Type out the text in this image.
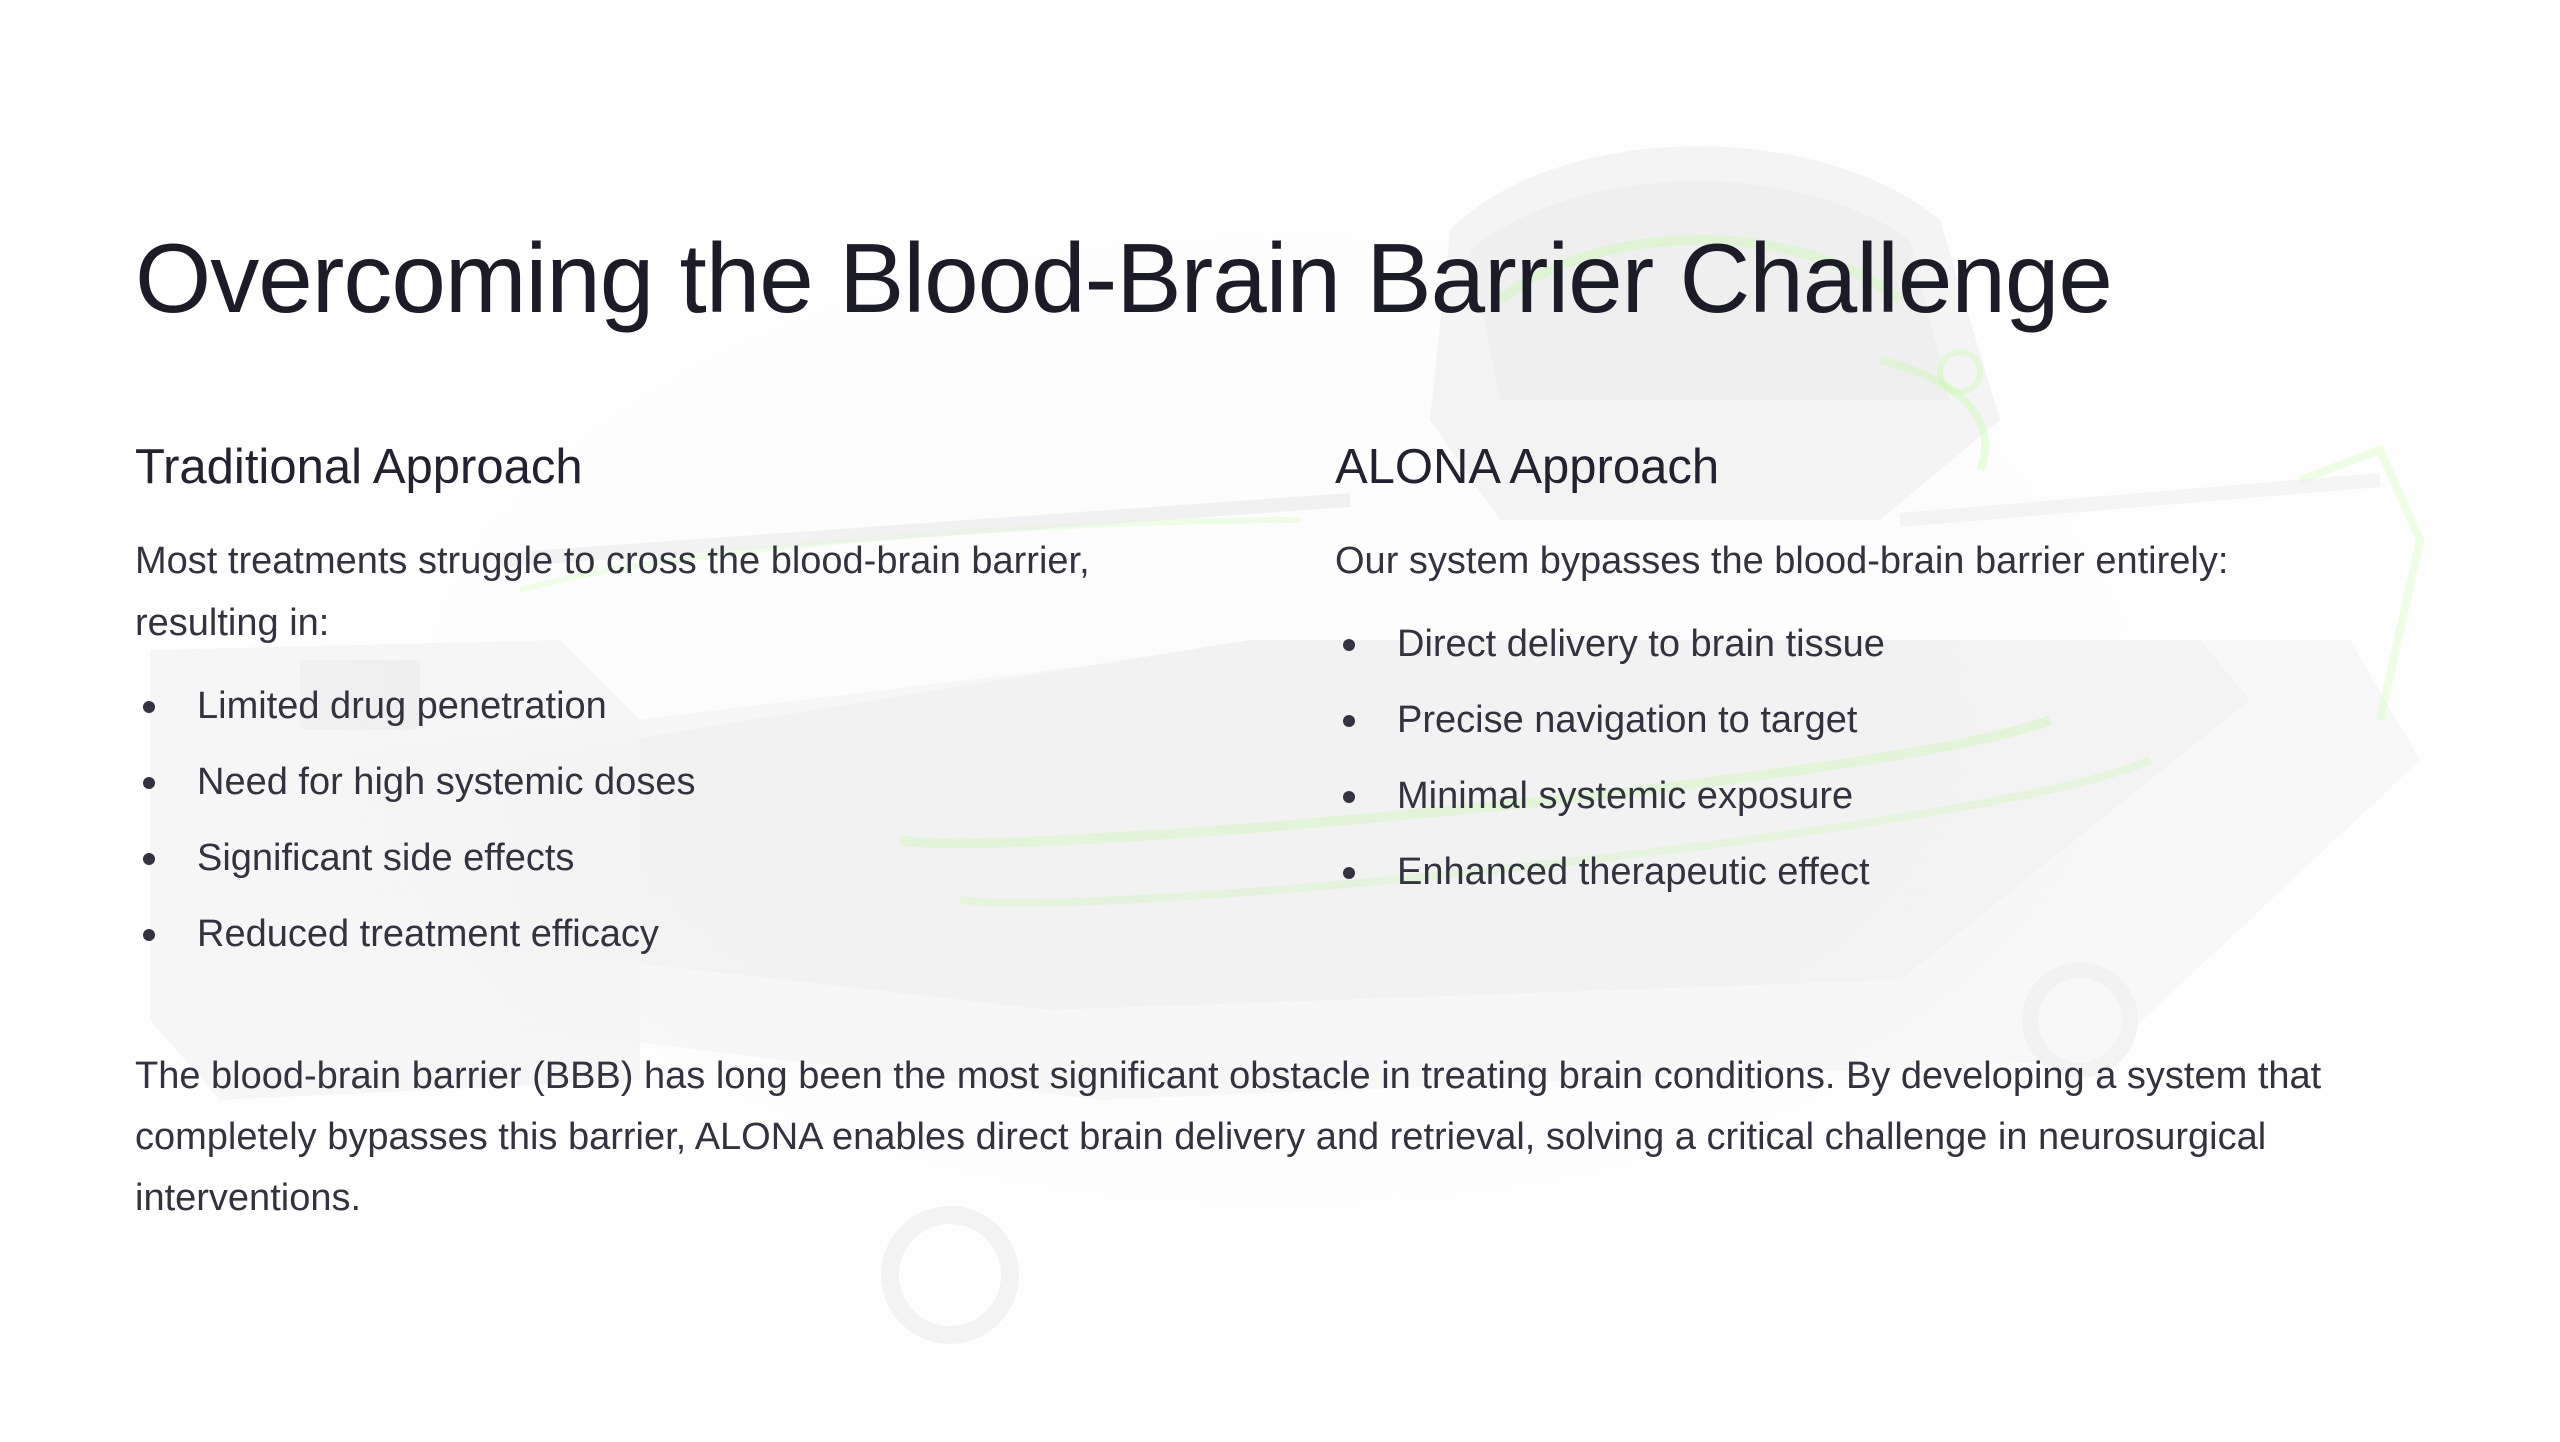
Overcoming the Blood-Brain Barrier Challenge
Traditional Approach

Most treatments struggle to cross the blood-brain barrier, resulting in:

Limited drug penetration
Need for high systemic doses
Significant side effects
Reduced treatment efficacy
ALONA Approach

Our system bypasses the blood-brain barrier entirely:

Direct delivery to brain tissue
Precise navigation to target
Minimal systemic exposure
Enhanced therapeutic effect

The blood-brain barrier (BBB) has long been the most significant obstacle in treating brain conditions. By developing a system that completely bypasses this barrier, ALONA enables direct brain delivery and retrieval, solving a critical challenge in neurosurgical interventions.
